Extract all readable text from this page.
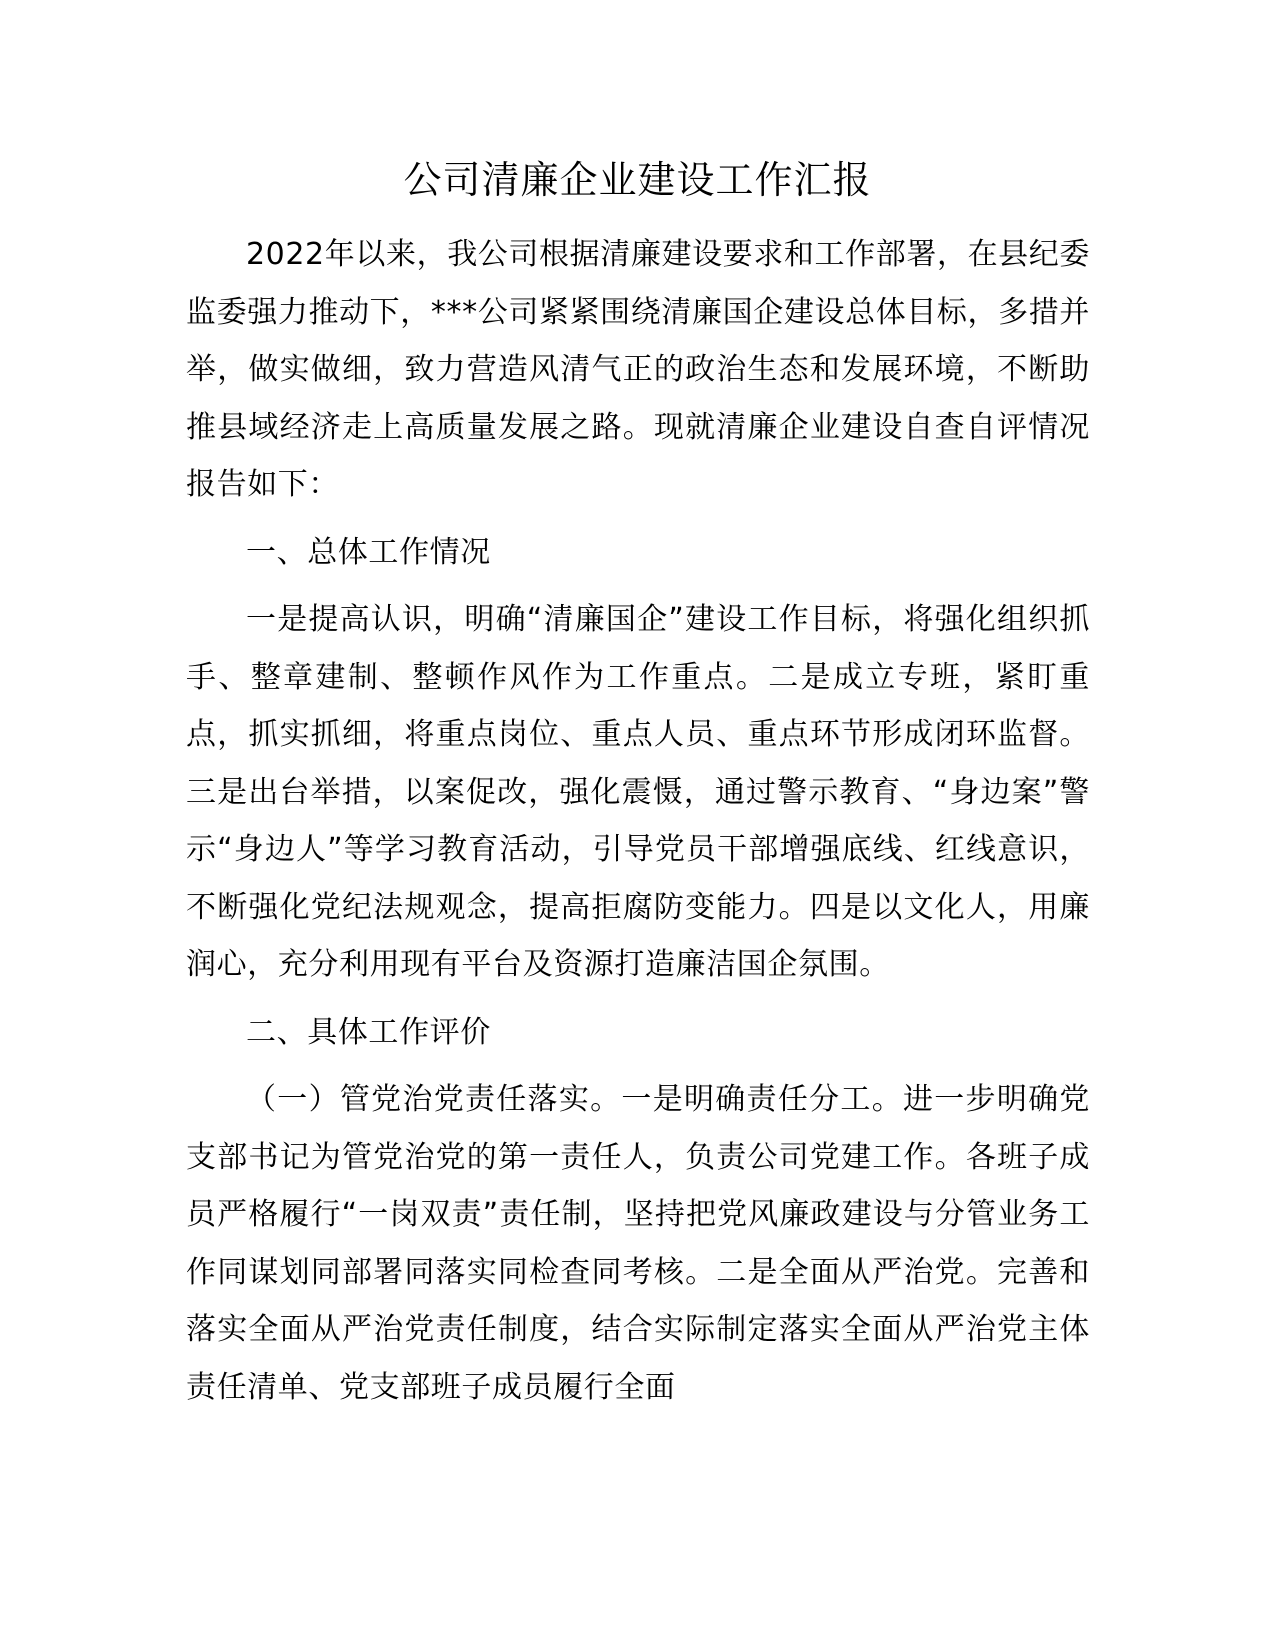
公司清廉企业建设工作汇报

2022年以来，我公司根据清廉建设要求和工作部署，在县纪委监委强力推动下，***公司紧紧围绕清廉国企建设总体目标，多措并举，做实做细，致力营造风清气正的政治生态和发展环境，不断助推县域经济走上高质量发展之路。现就清廉企业建设自查自评情况报告如下：

一、总体工作情况

一是提高认识，明确“清廉国企”建设工作目标，将强化组织抓手、整章建制、整顿作风作为工作重点。二是成立专班，紧盯重点，抓实抓细，将重点岗位、重点人员、重点环节形成闭环监督。三是出台举措，以案促改，强化震慑，通过警示教育、“身边案”警示“身边人”等学习教育活动，引导党员干部增强底线、红线意识，不断强化党纪法规观念，提高拒腐防变能力。四是以文化人，用廉润心，充分利用现有平台及资源打造廉洁国企氛围。

二、具体工作评价

（一）管党治党责任落实。一是明确责任分工。进一步明确党支部书记为管党治党的第一责任人，负责公司党建工作。各班子成员严格履行“一岗双责”责任制，坚持把党风廉政建设与分管业务工作同谋划同部署同落实同检查同考核。二是全面从严治党。完善和落实全面从严治党责任制度，结合实际制定落实全面从严治党主体责任清单、党支部班子成员履行全面
